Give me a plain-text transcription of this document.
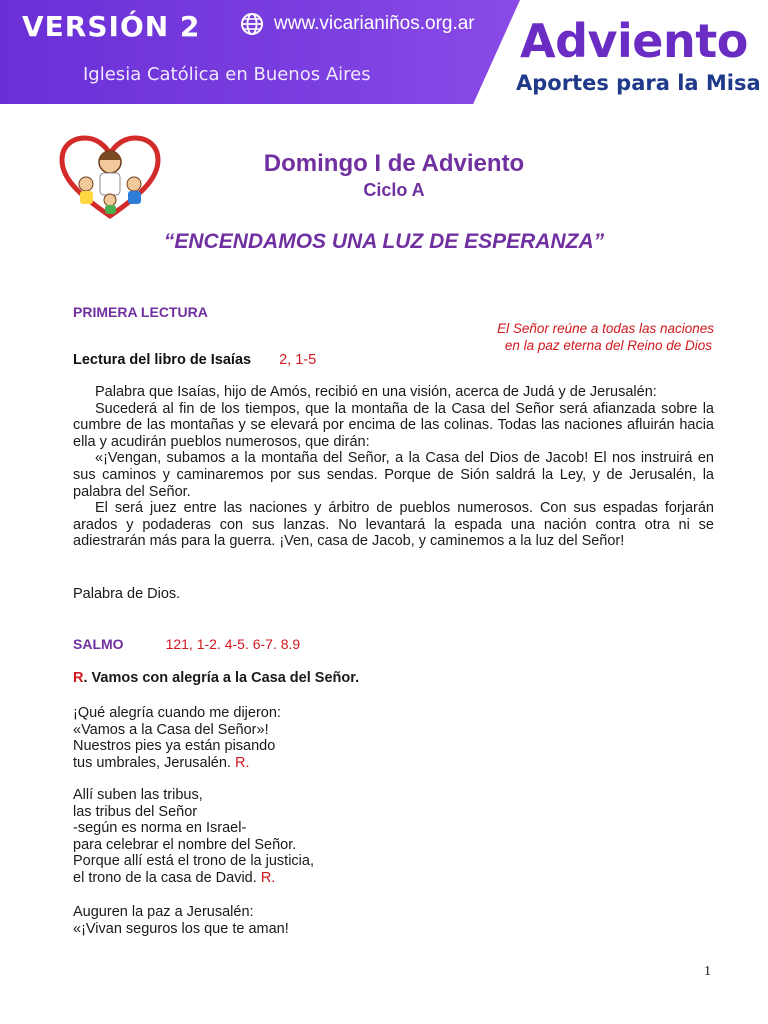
VERSIÓN 2	www.vicarianiños.org.ar
Iglesia Católica en Buenos Aires
Adviento
Aportes para la Misa
Domingo I de Adviento
Ciclo A
“ENCENDAMOS UNA LUZ DE ESPERANZA”
PRIMERA LECTURA
El Señor reúne a todas las naciones
en la paz eterna del Reino de Dios
Lectura del libro de Isaías 2, 1-5

Palabra que Isaías, hijo de Amós, recibió en una visión, acerca de Judá y de Jerusalén:

Sucederá al fin de los tiempos, que la montaña de la Casa del Señor será afianzada sobre la cumbre de las montañas y se elevará por encima de las colinas. Todas las naciones afluirán hacia ella y acudirán pueblos numerosos, que dirán:

«¡Vengan, subamos a la montaña del Señor, a la Casa del Dios de Jacob! El nos instruirá en sus caminos y caminaremos por sus sendas. Porque de Sión saldrá la Ley, y de Jerusalén, la palabra del Señor.

El será juez entre las naciones y árbitro de pueblos numerosos. Con sus espadas forjarán arados y podaderas con sus lanzas. No levantará la espada una nación contra otra ni se adiestrarán más para la guerra. ¡Ven, casa de Jacob, y caminemos a la luz del Señor!

Palabra de Dios.
SALMO	121, 1-2. 4-5. 6-7. 8.9
R. Vamos con alegría a la Casa del Señor.
¡Qué alegría cuando me dijeron:
«Vamos a la Casa del Señor»!
Nuestros pies ya están pisando
tus umbrales, Jerusalén. R.
Allí suben las tribus,
las tribus del Señor
-según es norma en Israel-
para celebrar el nombre del Señor.
Porque allí está el trono de la justicia,
el trono de la casa de David. R.
Auguren la paz a Jerusalén:
«¡Vivan seguros los que te aman!
1
